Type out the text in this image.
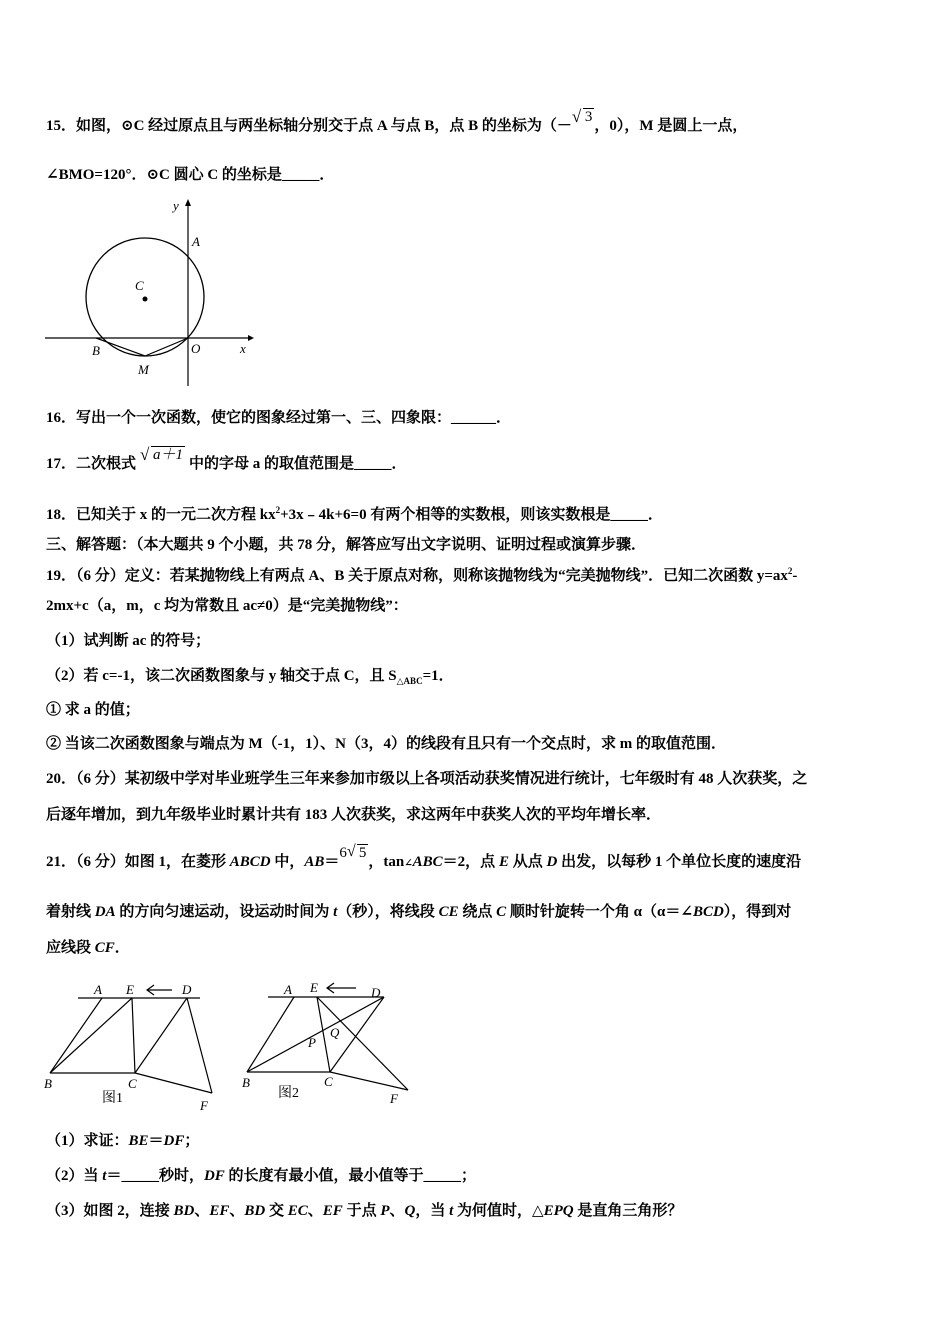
15．如图，⊙C 经过原点且与两坐标轴分别交于点 A 与点 B，点 B 的坐标为（－ √ 3，0），M 是圆上一点，
∠BMO=120°．⊙C 圆心 C 的坐标是_____．
y
A
C
B	O	x
M
16．写出一个一次函数，使它的图象经过第一、三、四象限：______．
17．二次根式 √ a＋1中的字母 a 的取值范围是_____．
18．已知关于 x 的一元二次方程 $kx^2+3x﹣4k+6=0$ 有两个相等的实数根，则该实数根是_____．
三、解答题：（本大题共 9 个小题，共 78 分，解答应写出文字说明、证明过程或演算步骤．
19．（6 分）定义：若某抛物线上有两点 A、B 关于原点对称，则称该抛物线为“完美抛物线”．已知二次函数 $y=ax^2-$
2mx+c（a，m，c 均为常数且 ac≠0）是“完美抛物线”：
（1）试判断 ac 的符号；
（2）若 c=-1，该二次函数图象与 y 轴交于点 C，且 $S_{\triangle ABC}=1$．
① 求 a 的值；
② 当该二次函数图象与端点为 M（-1，1）、N（3，4）的线段有且只有一个交点时，求 m 的取值范围．
20．（6 分）某初级中学对毕业班学生三年来参加市级以上各项活动获奖情况进行统计，七年级时有 48 人次获奖，之
后逐年增加，到九年级毕业时累计共有 183 人次获奖，求这两年中获奖人次的平均年增长率．
21．（6 分）如图 1，在菱形 ABCD 中，AB＝6 √ 5，tan∠ABC＝2，点 E 从点 D 出发，以每秒 1 个单位长度的速度沿
着射线 DA 的方向匀速运动，设运动时间为 t（秒），将线段 CE 绕点 C 顺时针旋转一个角 α（α＝∠BCD），得到对
应线段 CF．
A E	D
B	C
F
图1
A E	D
Q
P
B	C
F
图2
（1）求证：BE＝DF；
（2）当 t＝_____秒时，DF 的长度有最小值，最小值等于_____；
（3）如图 2，连接 BD、EF、BD 交 EC、EF 于点 P、Q，当 t 为何值时，△EPQ 是直角三角形？
